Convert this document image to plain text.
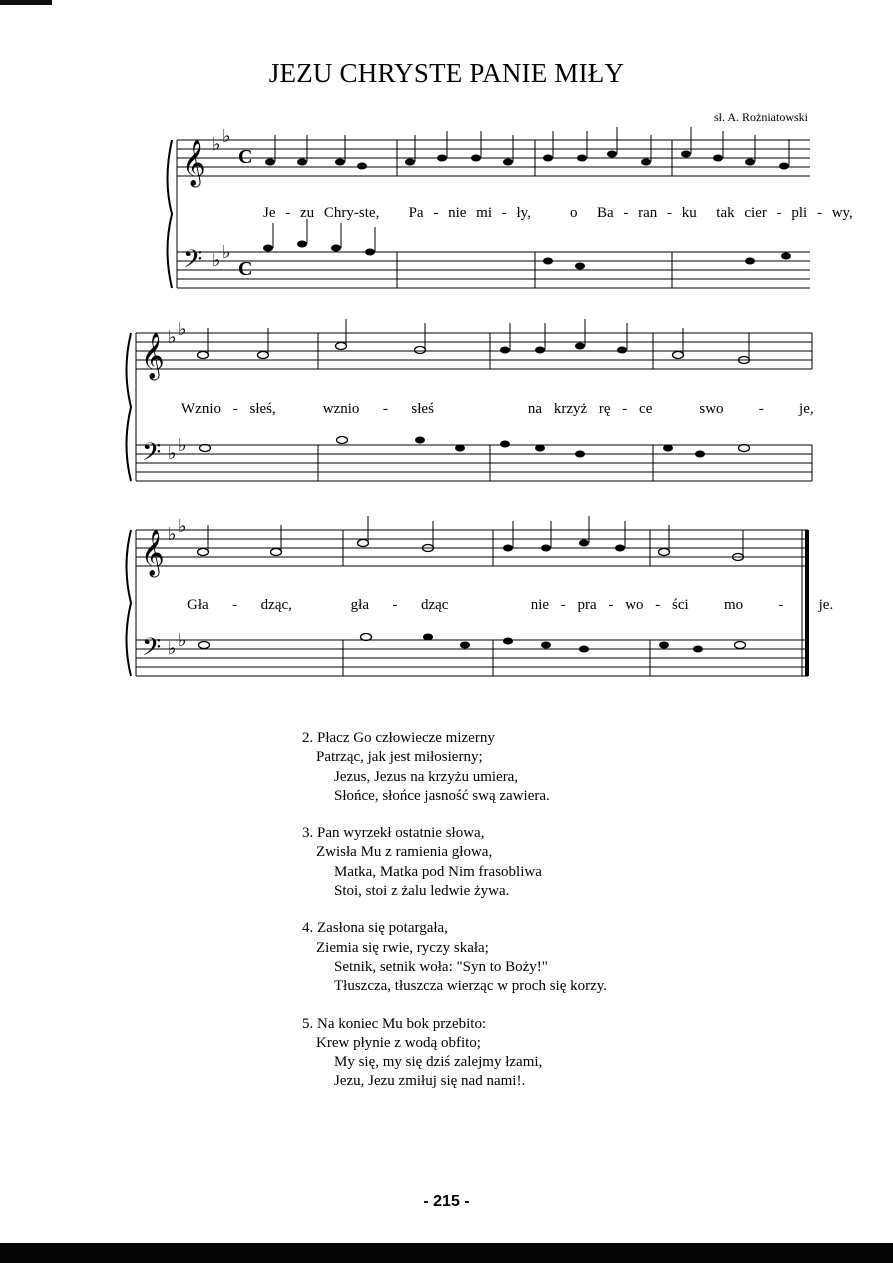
JEZU CHRYSTE PANIE MIŁY
sł. A. Rożniatowski
𝄞
𝄢
♭ ♭
♭ ♭
C
C
Je - zu Chry-ste, Pa - nie mi - ły,	o Ba - ran - ku tak cier - pli - wy,
𝄞
𝄢
♭ ♭
♭ ♭
Wznio - słeś,	wznio - słeś	na krzyż rę - ce	swo - je,
𝄞
𝄢
♭ ♭
♭ ♭
Gła - dząc,	gła - dząc	nie - pra - wo - ści mo - je.
2. Płacz Go człowiecze mizerny
Patrząc, jak jest miłosierny;
Jezus, Jezus na krzyżu umiera,
Słońce, słońce jasność swą zawiera.
3. Pan wyrzekł ostatnie słowa,
Zwisła Mu z ramienia głowa,
Matka, Matka pod Nim frasobliwa
Stoi, stoi z żalu ledwie żywa.
4. Zasłona się potargała,
Ziemia się rwie, ryczy skała;
Setnik, setnik woła: "Syn to Boży!"
Tłuszcza, tłuszcza wierząc w proch się korzy.
5. Na koniec Mu bok przebito:
Krew płynie z wodą obfito;
My się, my się dziś zalejmy łzami,
Jezu, Jezu zmiłuj się nad nami!.
- 215 -
